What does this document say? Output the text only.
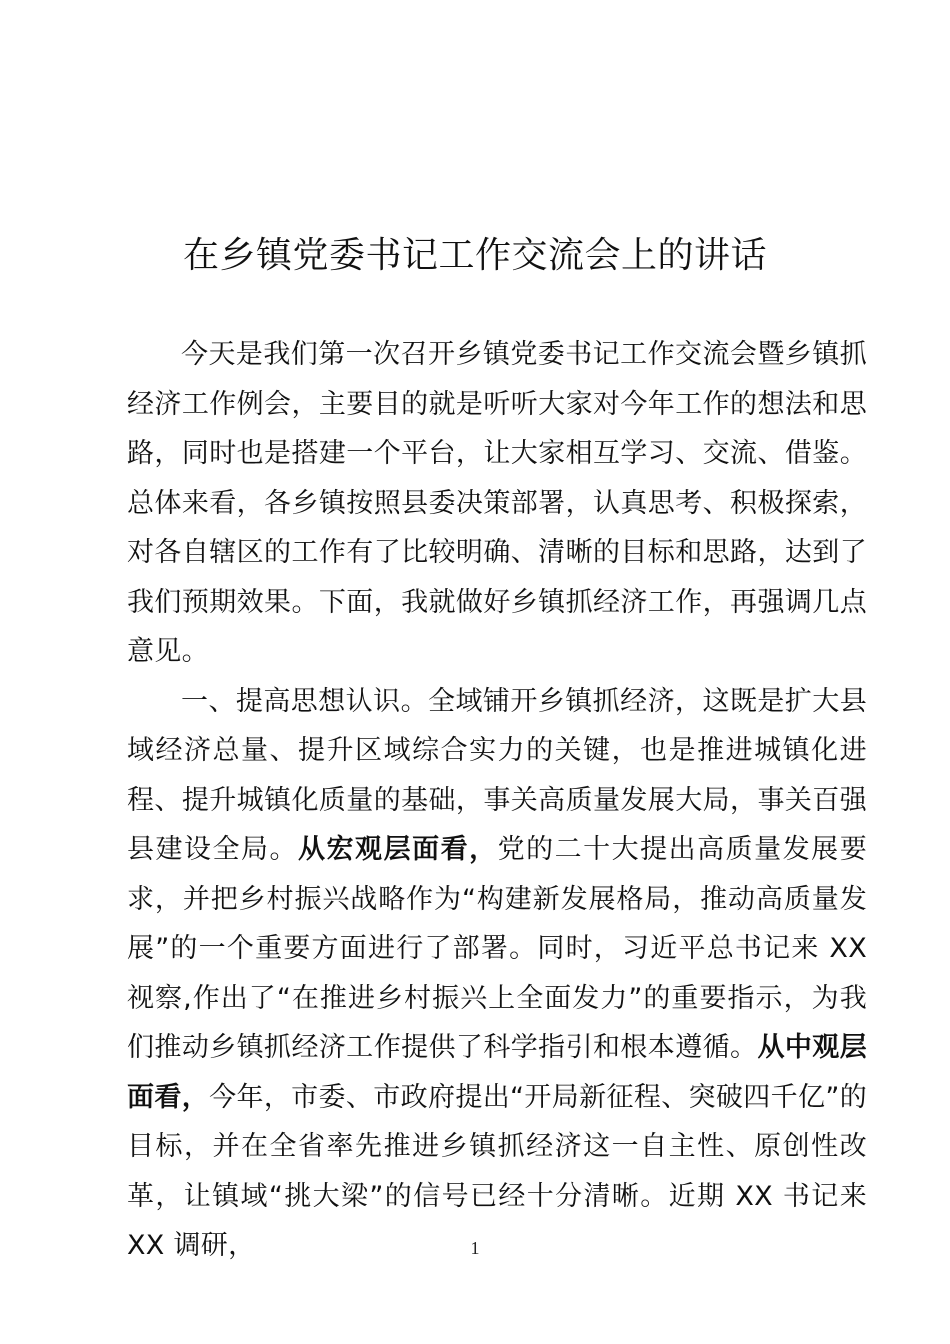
在乡镇党委书记工作交流会上的讲话

今天是我们第一次召开乡镇党委书记工作交流会暨乡镇抓经济工作例会，主要目的就是听听大家对今年工作的想法和思路，同时也是搭建一个平台，让大家相互学习、交流、借鉴。总体来看，各乡镇按照县委决策部署，认真思考、积极探索，对各自辖区的工作有了比较明确、清晰的目标和思路，达到了我们预期效果。下面，我就做好乡镇抓经济工作，再强调几点意见。

一、提高思想认识。全域铺开乡镇抓经济，这既是扩大县域经济总量、提升区域综合实力的关键，也是推进城镇化进程、提升城镇化质量的基础，事关高质量发展大局，事关百强县建设全局。从宏观层面看，党的二十大提出高质量发展要求，并把乡村振兴战略作为“构建新发展格局，推动高质量发展”的一个重要方面进行了部署。同时，习近平总书记来 XX 视察,作出了“在推进乡村振兴上全面发力”的重要指示，为我们推动乡镇抓经济工作提供了科学指引和根本遵循。从中观层面看，今年，市委、市政府提出“开局新征程、突破四千亿”的目标，并在全省率先推进乡镇抓经济这一自主性、原创性改革，让镇域“挑大梁”的信号已经十分清晰。近期 XX 书记来 XX 调研，	1
